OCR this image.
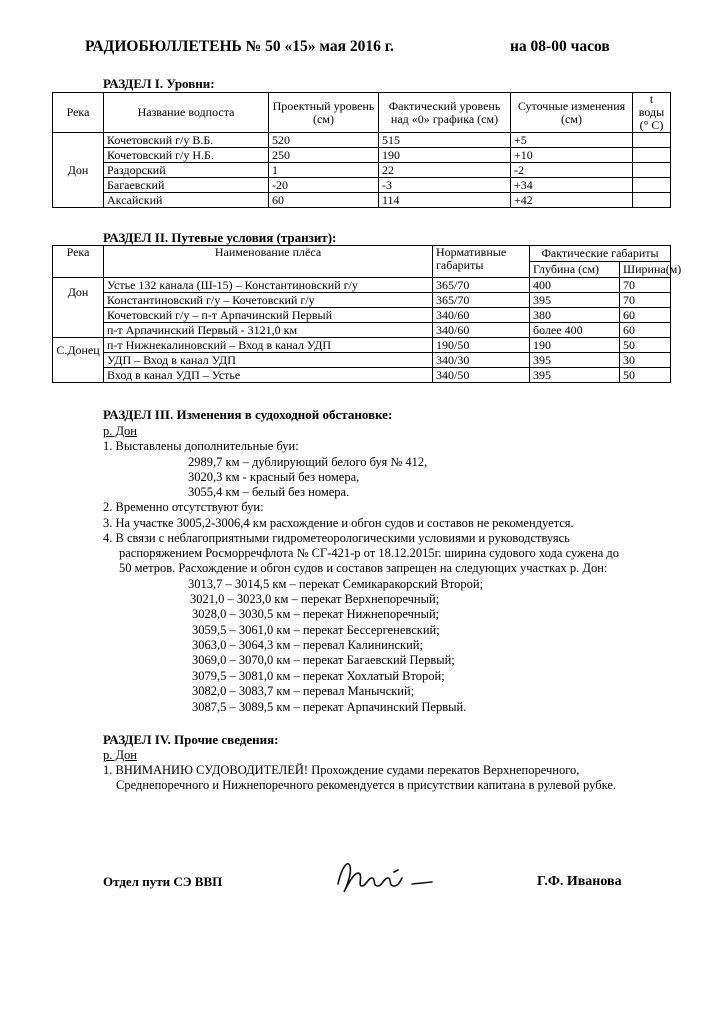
РАДИОБЮЛЛЕТЕНЬ № 50 «15» мая 2016 г.	на 08-00 часов
РАЗДЕЛ I. Уровни:
Река	Название водпоста	Проектный уровень (см)	Фактический уровень над «0» графика (см)	Суточные изменения (см)	t воды (° С)
Дон	Кочетовский г/у В.Б.	520	515	+5	
	Кочетовский г/у Н.Б.	250	190	+10	
	Раздорский	1	22	-2	
	Багаевский	-20	-3	+34	
	Аксайский	60	114	+42	
РАЗДЕЛ II. Путевые условия (транзит):
Река	Наименование плёса	Нормативные габариты	Фактические габариты	
			Глубина (см)	Ширина(м)
Дон	Устье 132 канала (Ш-15) – Константиновский г/у	365/70	400	70
	Константиновский г/у – Кочетовский г/у	365/70	395	70
	Кочетовский г/у – п-т Арпачинский Первый	340/60	380	60
	п-т Арпачинский Первый - 3121,0 км	340/60	более 400	60
С.Донец	п-т Нижнекалиновский – Вход в канал УДП	190/50	190	50
	УДП – Вход в канал УДП	340/30	395	30
	Вход в канал УДП – Устье	340/50	395	50
РАЗДЕЛ III. Изменения в судоходной обстановке:
р. Дон
1. Выставлены дополнительные буи:
2989,7 км – дублирующий белого буя № 412,
3020,3 км - красный без номера,
3055,4 км – белый без номера.
2. Временно отсутствуют буи:
3. На участке 3005,2-3006,4 км расхождение и обгон судов и составов не рекомендуется.
4. В связи с неблагоприятными гидрометеорологическими условиями и руководствуясь
распоряжением Росморречфлота № СГ-421-р от 18.12.2015г. ширина судового хода сужена до
50 метров. Расхождение и обгон судов и составов запрещен на следующих участках р. Дон:
3013,7 – 3014,5 км – перекат Семикаракорский Второй;
3021,0 – 3023,0 км – перекат Верхнепоречный;
3028,0 – 3030,5 км – перекат Нижнепоречный;
3059,5 – 3061,0 км – перекат Бессергеневский;
3063,0 – 3064,3 км – перевал Калининский;
3069,0 – 3070,0 км – перекат Багаевский Первый;
3079,5 – 3081,0 км – перекат Хохлатый Второй;
3082,0 – 3083,7 км – перевал Манычский;
3087,5 – 3089,5 км – перекат Арпачинский Первый.
РАЗДЕЛ IV. Прочие сведения:
р. Дон
1. ВНИМАНИЮ СУДОВОДИТЕЛЕЙ! Прохождение судами перекатов Верхнепоречного,
Среднепоречного и Нижнепоречного рекомендуется в присутствии капитана в рулевой рубке.
Отдел пути СЭ ВВП	Г.Ф. Иванова
